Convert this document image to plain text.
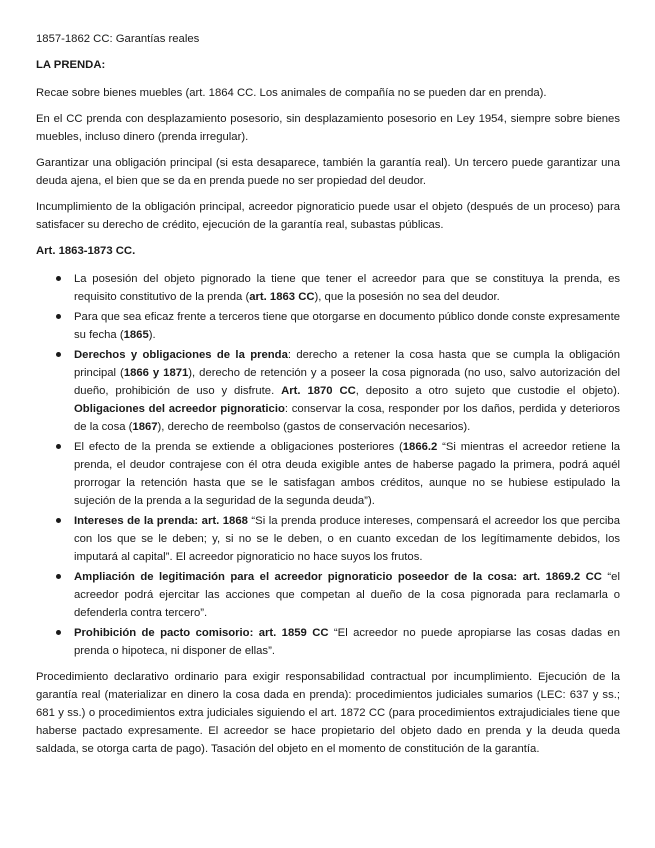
1857-1862 CC: Garantías reales

LA PRENDA:

Recae sobre bienes muebles (art. 1864 CC. Los animales de compañía no se pueden dar en prenda).

En el CC prenda con desplazamiento posesorio, sin desplazamiento posesorio en Ley 1954, siempre sobre bienes muebles, incluso dinero (prenda irregular).

Garantizar una obligación principal (si esta desaparece, también la garantía real). Un tercero puede garantizar una deuda ajena, el bien que se da en prenda puede no ser propiedad del deudor.

Incumplimiento de la obligación principal, acreedor pignoraticio puede usar el objeto (después de un proceso) para satisfacer su derecho de crédito, ejecución de la garantía real, subastas públicas.

Art. 1863-1873 CC.

La posesión del objeto pignorado la tiene que tener el acreedor para que se constituya la prenda, es requisito constitutivo de la prenda (art. 1863 CC), que la posesión no sea del deudor.
Para que sea eficaz frente a terceros tiene que otorgarse en documento público donde conste expresamente su fecha (1865).
Derechos y obligaciones de la prenda: derecho a retener la cosa hasta que se cumpla la obligación principal (1866 y 1871), derecho de retención y a poseer la cosa pignorada (no uso, salvo autorización del dueño, prohibición de uso y disfrute. Art. 1870 CC, deposito a otro sujeto que custodie el objeto). Obligaciones del acreedor pignoraticio: conservar la cosa, responder por los daños, perdida y deterioros de la cosa (1867), derecho de reembolso (gastos de conservación necesarios).
El efecto de la prenda se extiende a obligaciones posteriores (1866.2 “Si mientras el acreedor retiene la prenda, el deudor contrajese con él otra deuda exigible antes de haberse pagado la primera, podrá aquél prorrogar la retención hasta que se le satisfagan ambos créditos, aunque no se hubiese estipulado la sujeción de la prenda a la seguridad de la segunda deuda”).
Intereses de la prenda: art. 1868 “Si la prenda produce intereses, compensará el acreedor los que perciba con los que se le deben; y, si no se le deben, o en cuanto excedan de los legítimamente debidos, los imputará al capital”. El acreedor pignoraticio no hace suyos los frutos.
Ampliación de legitimación para el acreedor pignoraticio poseedor de la cosa: art. 1869.2 CC “el acreedor podrá ejercitar las acciones que competan al dueño de la cosa pignorada para reclamarla o defenderla contra tercero”.
Prohibición de pacto comisorio: art. 1859 CC “El acreedor no puede apropiarse las cosas dadas en prenda o hipoteca, ni disponer de ellas”.

Procedimiento declarativo ordinario para exigir responsabilidad contractual por incumplimiento. Ejecución de la garantía real (materializar en dinero la cosa dada en prenda): procedimientos judiciales sumarios (LEC: 637 y ss.; 681 y ss.) o procedimientos extra judiciales siguiendo el art. 1872 CC (para procedimientos extrajudiciales tiene que haberse pactado expresamente. El acreedor se hace propietario del objeto dado en prenda y la deuda queda saldada, se otorga carta de pago). Tasación del objeto en el momento de constitución de la garantía.
